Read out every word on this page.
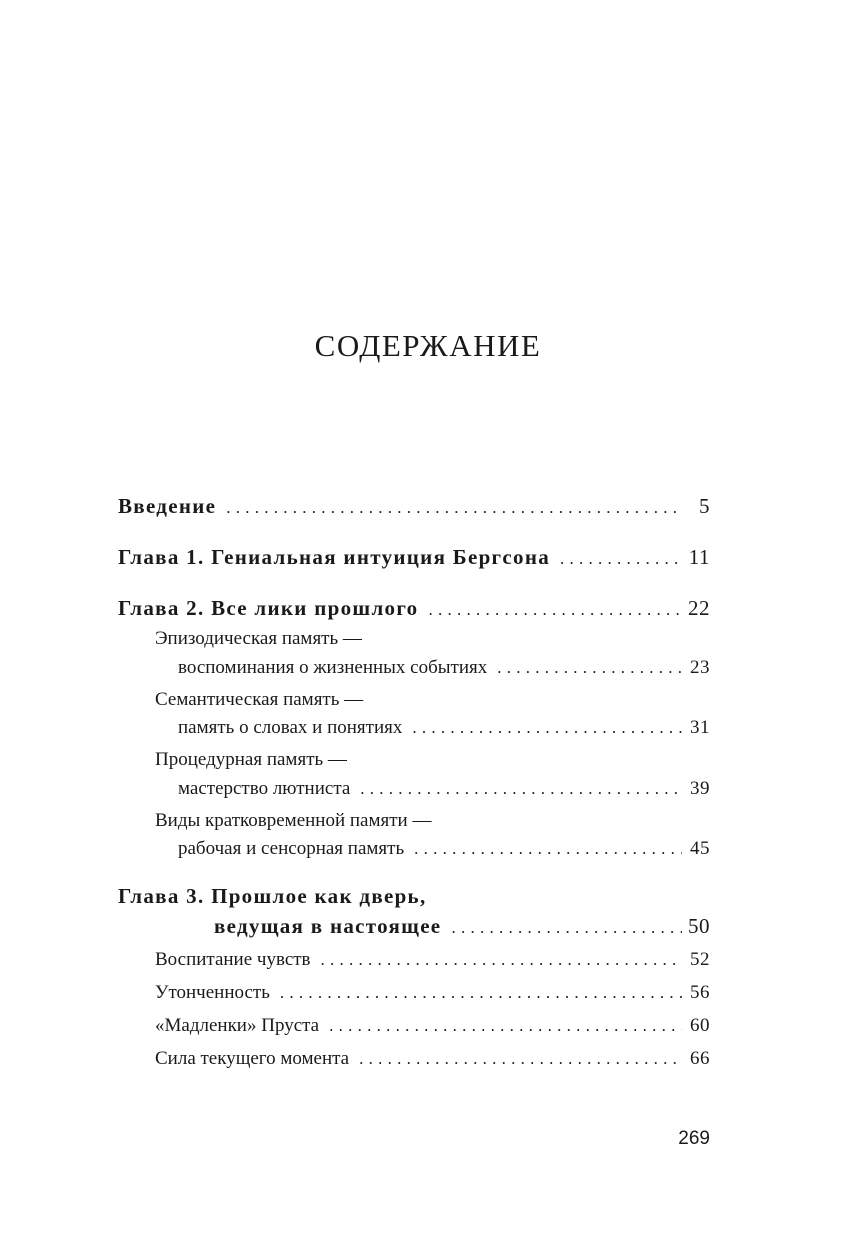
СОДЕРЖАНИЕ
Введение . . .	5
Глава 1. Гениальная интуиция Бергсона . . .	11
Глава 2. Все лики прошлого . . .	22
Эпизодическая память —
воспоминания о жизненных событиях . . .	23
Семантическая память —
память о словах и понятиях . . .	31
Процедурная память —
мастерство лютниста . . .	39
Виды кратковременной памяти —
рабочая и сенсорная память . . .	45
Глава 3. Прошлое как дверь,
ведущая в настоящее . . .	50
Воспитание чувств . . .	52
Утонченность . . .	56
«Мадленки» Пруста . . .	60
Сила текущего момента . . .	66
269
